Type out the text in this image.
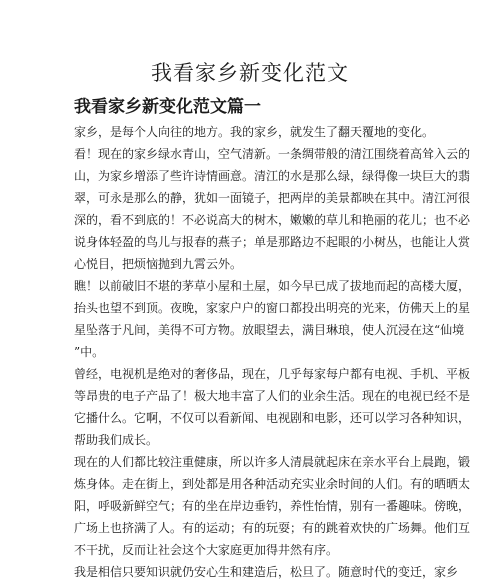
我看家乡新变化范文
我看家乡新变化范文篇一
家乡，是每个人向往的地方。我的家乡，就发生了翻天覆地的变化。
看！现在的家乡绿水青山，空气清新。一条绸带般的清江围绕着高耸入云的
山，为家乡增添了些许诗情画意。清江的水是那么绿，绿得像一块巨大的翡
翠，可永是那么的静，犹如一面镜子，把两岸的美景都映在其中。清江河很
深的，看不到底的！不必说高大的树木，嫩嫩的草儿和艳丽的花儿；也不必
说身体轻盈的鸟儿与报春的燕子；单是那路边不起眼的小树丛，也能让人赏
心悦目，把烦恼抛到九霄云外。
瞧！以前破旧不堪的茅草小屋和土屋，如今早已成了拔地而起的高楼大厦，
抬头也望不到顶。夜晚，家家户户的窗口都投出明亮的光来，仿佛天上的星
星坠落于凡间，美得不可方物。放眼望去，满目琳琅，使人沉浸在这“仙境
”中。
曾经，电视机是绝对的奢侈品，现在，几乎每家每户都有电视、手机、平板
等昂贵的电子产品了！极大地丰富了人们的业余生活。现在的电视已经不是
它播什么。它啊，不仅可以看新闻、电视剧和电影，还可以学习各种知识，
帮助我们成长。
现在的人们都比较注重健康，所以许多人清晨就起床在亲水平台上晨跑，锻
炼身体。走在街上，到处都是用各种活动充实业余时间的人们。有的晒晒太
阳，呼吸新鲜空气；有的坐在岸边垂钓，养性怡情，别有一番趣味。傍晚，
广场上也挤满了人。有的运动；有的玩耍；有的跳着欢快的广场舞。他们互
不干扰，反而让社会这个大家庭更加得井然有序。
我是相信只要知识就仍安心生和建造后，松旦了。随意时代的变迁，家乡
